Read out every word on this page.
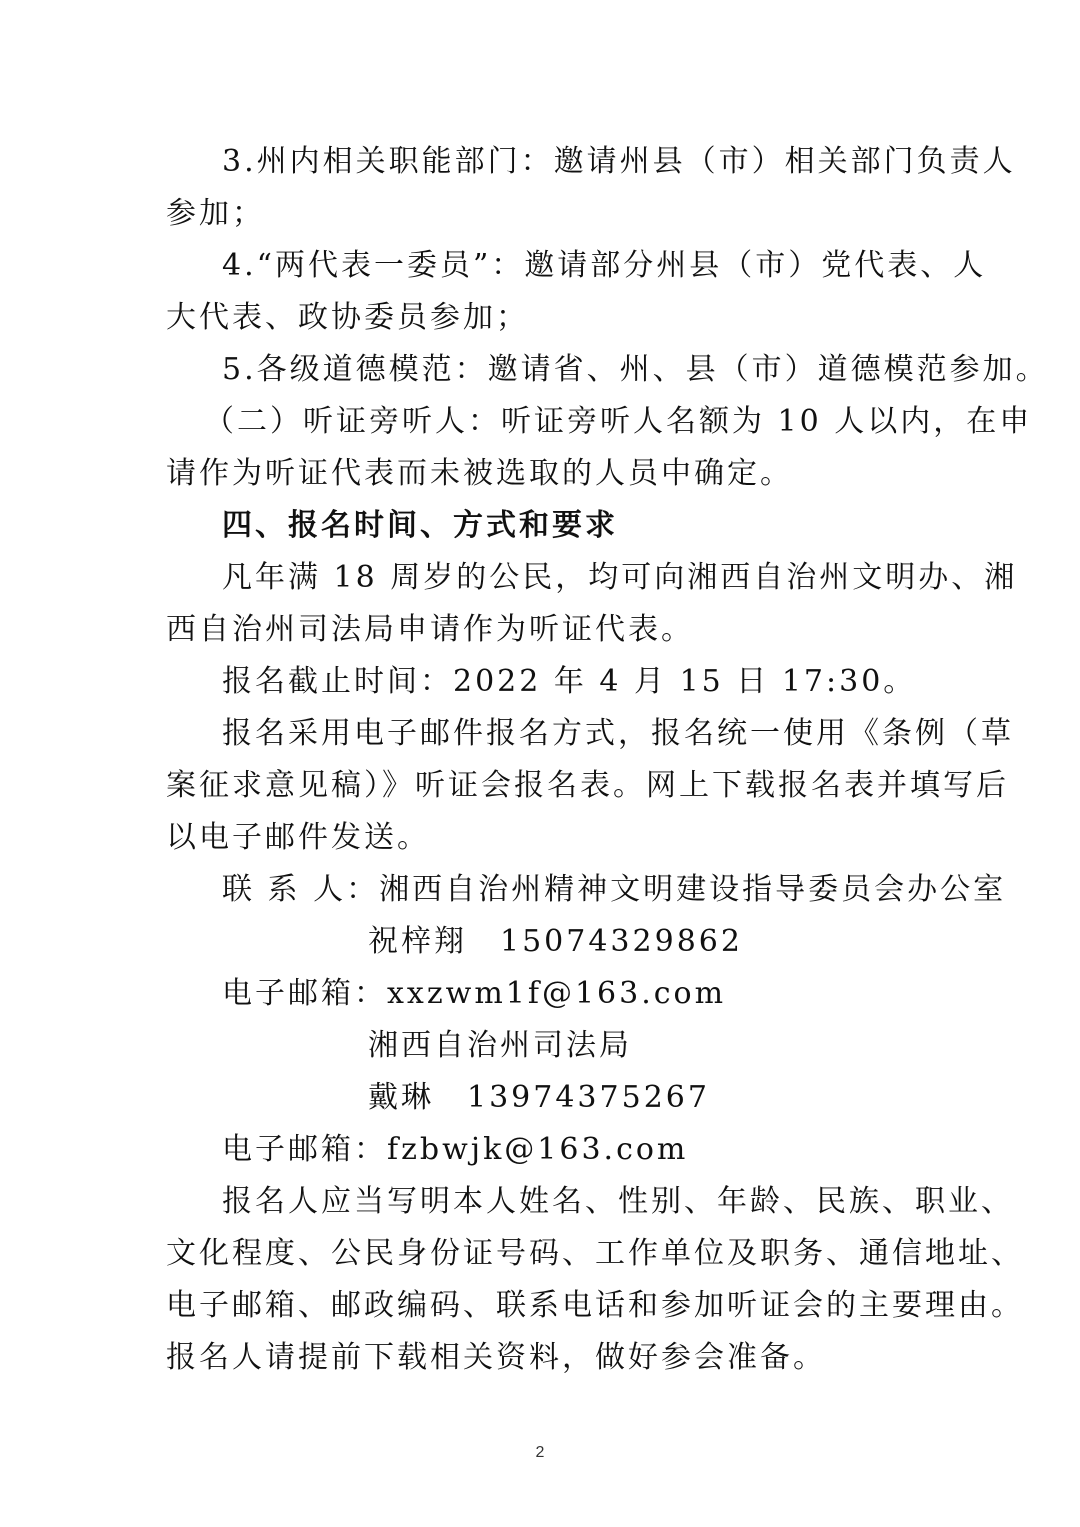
3.州内相关职能部门：邀请州县（市）相关部门负责人
参加；
4.“两代表一委员”：邀请部分州县（市）党代表、人
大代表、政协委员参加；
5.各级道德模范：邀请省、州、县（市）道德模范参加。
（二）听证旁听人：听证旁听人名额为 10 人以内，在申
请作为听证代表而未被选取的人员中确定。
四、报名时间、方式和要求
凡年满 18 周岁的公民，均可向湘西自治州文明办、湘
西自治州司法局申请作为听证代表。
报名截止时间：2022 年 4 月 15 日 17:30。
报名采用电子邮件报名方式，报名统一使用《条例（草
案征求意见稿）》听证会报名表。网上下载报名表并填写后
以电子邮件发送。
联 系 人：湘西自治州精神文明建设指导委员会办公室
祝梓翔　15074329862
电子邮箱：xxzwm1f@163.com
湘西自治州司法局
戴琳　13974375267
电子邮箱：fzbwjk@163.com
报名人应当写明本人姓名、性别、年龄、民族、职业、
文化程度、公民身份证号码、工作单位及职务、通信地址、
电子邮箱、邮政编码、联系电话和参加听证会的主要理由。
报名人请提前下载相关资料，做好参会准备。
2
